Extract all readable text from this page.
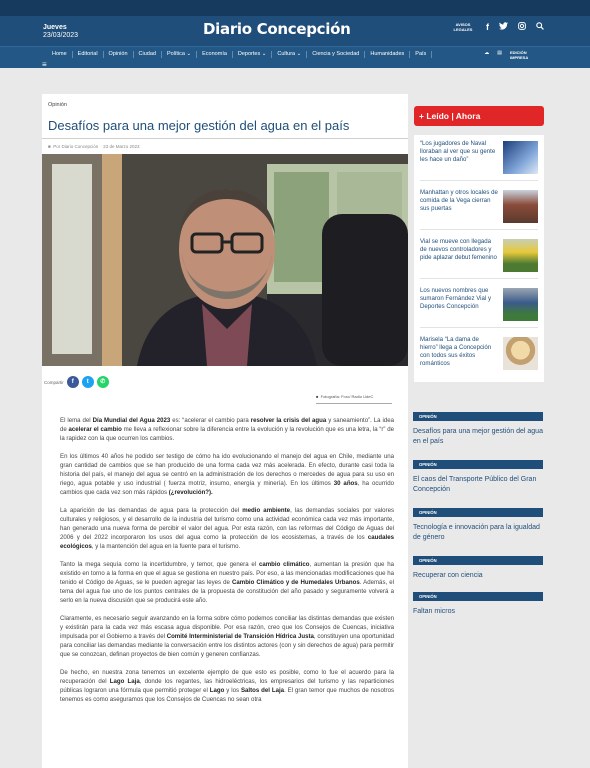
Jueves
23/03/2023	Diario Concepción	AVISOS LEGALES	f
Home	Editorial	Opinión	Ciudad	Política ⌄	Economía	Deportes ⌄	Cultura ⌄	Ciencia y Sociedad	Humanidades	País
≡
☁ ▤ EDICIÓN IMPRESA
Opinión
Desafíos para una mejor gestión del agua en el país
■  Por Diario Concepción 23 de Marzo 2023
Compartir	f	t	✆
■  Fotografía: Foro/ Radio UdeC

El lema del Día Mundial del Agua 2023 es: “acelerar el cambio para resolver la crisis del agua y saneamiento”. La idea de acelerar el cambio me lleva a reflexionar sobre la diferencia entre la evolución y la revolución que es una letra, la “r” de la rapidez con la que ocurren los cambios.

En los últimos 40 años he podido ser testigo de cómo ha ido evolucionando el manejo del agua en Chile, mediante una gran cantidad de cambios que se han producido de una forma cada vez más acelerada. En efecto, durante casi toda la historia del país, el manejo del agua se centró en la administración de los derechos o mercedes de agua para su uso en riego, agua potable y uso industrial ( fuerza motriz, insumo, energía y minería). En los últimos 30 años, ha ocurrido cambios que cada vez son más rápidos (¿revolución?).

La aparición de las demandas de agua para la protección del medio ambiente, las demandas sociales por valores culturales y religiosos, y el desarrollo de la industria del turismo como una actividad económica cada vez más importante, han generado una nueva forma de percibir el valor del agua. Por esta razón, con las reformas del Código de Aguas del 2006 y del 2022 incorporaron los usos del agua como la protección de los ecosistemas, a través de los caudales ecológicos, y la mantención del agua en la fuente para el turismo.

Tanto la mega sequía como la incertidumbre, y temor, que genera el cambio climático, aumentan la presión que ha existido en torno a la forma en que el agua se gestiona en nuestro país. Por eso, a las mencionadas modificaciones que ha tenido el Código de Aguas, se le pueden agregar las leyes de Cambio Climático y de Humedales Urbanos. Además, el tema del agua fue uno de los puntos centrales de la propuesta de constitución del año pasado y seguramente volverá a serlo en la nueva discusión que se producirá este año.

Claramente, es necesario seguir avanzando en la forma sobre cómo podemos conciliar las distintas demandas que existen y existirán para la cada vez más escasa agua disponible. Por esa razón, creo que los Consejos de Cuencas, iniciativa impulsada por el Gobierno a través del Comité Interministerial de Transición Hídrica Justa, constituyen una oportunidad para conciliar las demandas mediante la conversación entre los distintos actores (con y sin derechos de agua) para permitir que se conozcan, definan proyectos de bien común y generen confianzas.

De hecho, en nuestra zona tenemos un excelente ejemplo de que esto es posible, como lo fue el acuerdo para la recuperación del Lago Laja, donde los regantes, las hidroeléctricas, los empresarios del turismo y las reparticiones públicas lograron una fórmula que permitió proteger el Lago y los Saltos del Laja. El gran temor que muchos de nosotros tenemos es como aseguramos que los Consejos de Cuencas no sean otra

+ Leído | Ahora
“Los jugadores de Naval lloraban al ver que su gente les hace un daño”
Manhattan y otros locales de comida de la Vega cierran sus puertas
Vial se mueve con llegada de nuevos controladores y pide aplazar debut femenino
Los nuevos nombres que sumaron Fernández Vial y Deportes Concepción
Marisela “La dama de hierro” llega a Concepción con todos sus éxitos románticos
OPINIÓN
Desafíos para una mejor gestión del agua en el país
OPINIÓN
El caos del Transporte Público del Gran Concepción
OPINIÓN
Tecnología e innovación para la igualdad de género
OPINIÓN
Recuperar con ciencia
OPINIÓN
Faltan micros
